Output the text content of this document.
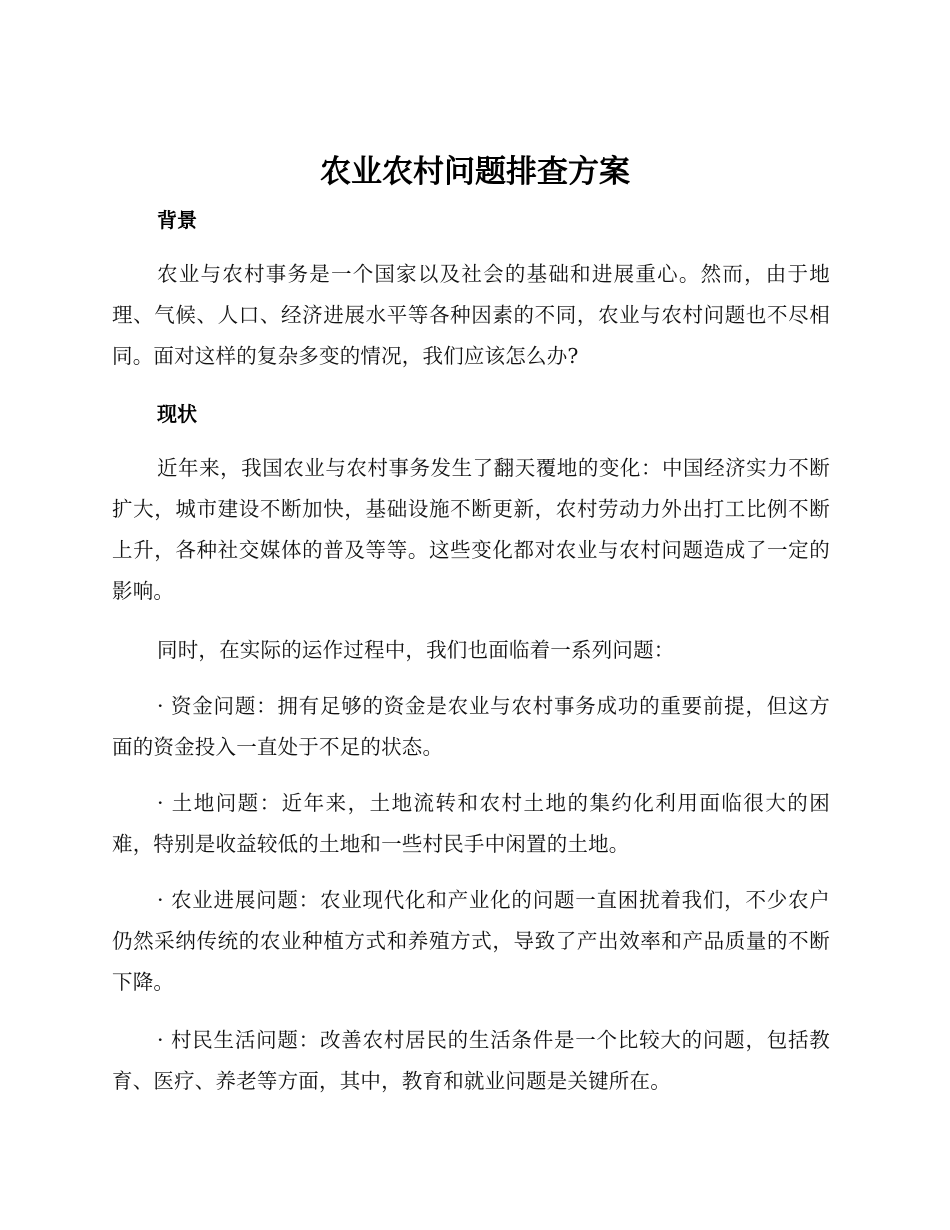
农业农村问题排查方案
背景

农业与农村事务是一个国家以及社会的基础和进展重心。然而，由于地理、气候、人口、经济进展水平等各种因素的不同，农业与农村问题也不尽相同。面对这样的复杂多变的情况，我们应该怎么办?

现状

近年来，我国农业与农村事务发生了翻天覆地的变化：中国经济实力不断扩大，城市建设不断加快，基础设施不断更新，农村劳动力外出打工比例不断上升，各种社交媒体的普及等等。这些变化都对农业与农村问题造成了一定的影响。

同时，在实际的运作过程中，我们也面临着一系列问题：

· 资金问题：拥有足够的资金是农业与农村事务成功的重要前提，但这方面的资金投入一直处于不足的状态。

· 土地问题：近年来，土地流转和农村土地的集约化利用面临很大的困难，特别是收益较低的土地和一些村民手中闲置的土地。

· 农业进展问题：农业现代化和产业化的问题一直困扰着我们，不少农户仍然采纳传统的农业种植方式和养殖方式，导致了产出效率和产品质量的不断下降。

· 村民生活问题：改善农村居民的生活条件是一个比较大的问题，包括教育、医疗、养老等方面，其中，教育和就业问题是关键所在。
